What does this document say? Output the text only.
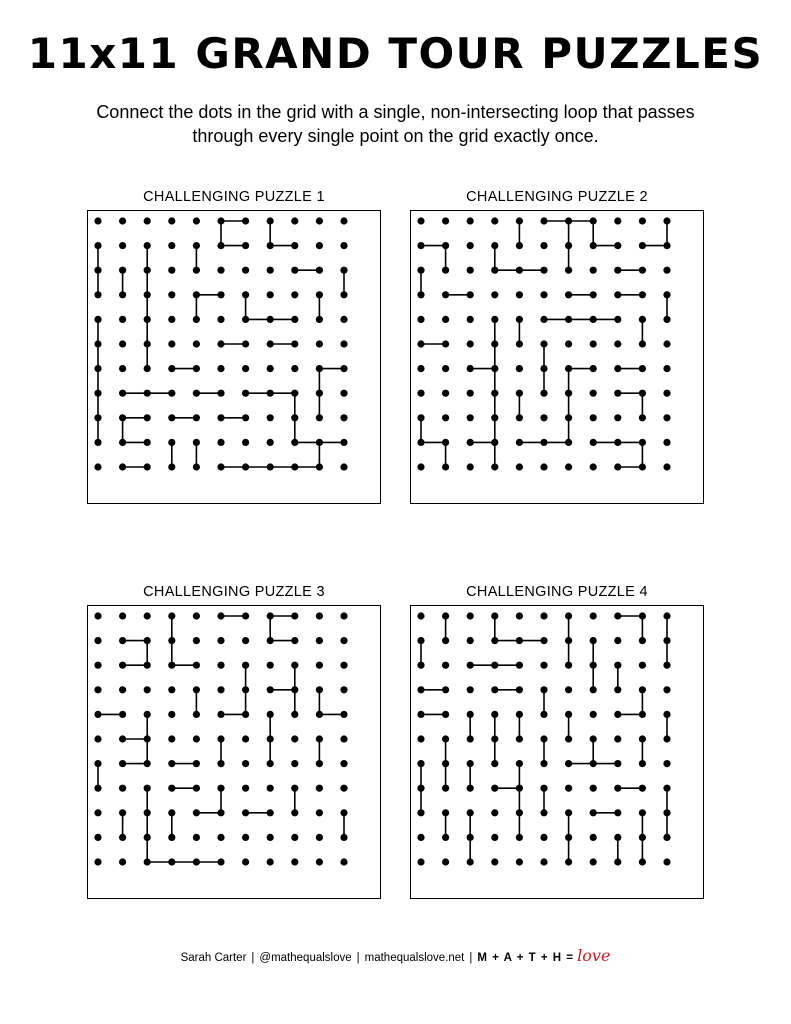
11x11 GRAND TOUR PUZZLES
Connect the dots in the grid with a single, non-intersecting loop that passes through every single point on the grid exactly once.
CHALLENGING PUZZLE 1	CHALLENGING PUZZLE 2
CHALLENGING PUZZLE 3	CHALLENGING PUZZLE 4
Sarah Carter | @mathequalslove | mathequalslove.net | M + A + T + H = love
